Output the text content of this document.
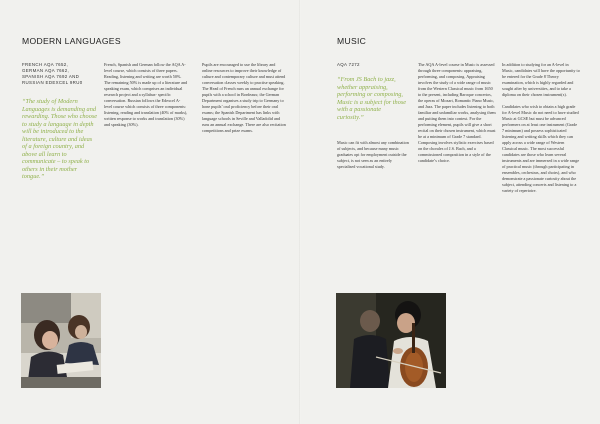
MODERN LANGUAGES
FRENCH AQA 7652,
GERMAN AQA 7662,
SPANISH AQA 7692 AND
RUSSIAN EDEXCEL 9RU0
“The study of Modern Languages is demanding and rewarding. Those who choose to study a language in depth will be introduced to the literature, culture and ideas of a foreign country, and above all learn to communicate – to speak to others in their mother tongue.”

French, Spanish and German follow the AQA A-level course, which consists of three papers. Reading, listening and writing are worth 50%. The remaining 50% is made up of a literature and speaking exam, which comprises an individual research project and a syllabus- specific conversation. Russian follows the Edexcel A-level course which consists of three components: listening, reading and translation (40% of marks), written response to works and translation (30%) and speaking (30%).

Pupils are encouraged to use the library and online resources to improve their knowledge of culture and contemporary culture and must attend conversation classes weekly to practise speaking. The Head of French runs an annual exchange for pupils with a school in Bordeaux; the German Department organises a study trip to Germany to hone pupils’ oral proficiency before their oral exams; the Spanish Department has links with language schools in Seville and Valladolid and runs an annual exchange. There are also recitation competitions and prize exams.

MUSIC
AQA 7272
“From JS Bach to jazz, whether appraising, performing or composing, Music is a subject for those with a passionate curiosity.”

Music can fit with almost any combination of subjects, and because many music graduates opt for employment outside the subject, is not seen as an entirely specialised vocational study.

The AQA A-level course in Music is assessed through three components: appraising, performing, and composing. Appraising involves the study of a wide range of music from the Western Classical music from 1650 to the present, including Baroque concertos, the operas of Mozart, Romantic Piano Music, and Jazz. The paper includes listening to both familiar and unfamiliar works, analysing them and putting them into context. For the performing element, pupils will give a short recital on their chosen instrument, which must be at a minimum of Grade 7 standard. Composing involves stylistic exercises based on the chorales of J.S. Bach, and a commissioned composition in a style of the candidate’s choice.

In addition to studying for an A-level in Music, candidates will have the opportunity to be entered for the Grade 8 Theory examination, which is highly regarded and sought after by universities, and to take a diploma on their chosen instrument(s).

Candidates who wish to obtain a high grade for A-level Music do not need to have studied Music at GCSE but must be advanced performers on at least one instrument (Grade 7 minimum) and possess sophisticated listening and writing skills which they can apply across a wide range of Western Classical music. The most successful candidates are those who learn several instruments and are immersed in a wide range of practical music (through participating in ensembles, orchestras, and choirs), and who demonstrate a passionate curiosity about the subject, attending concerts and listening to a variety of repertoire.
